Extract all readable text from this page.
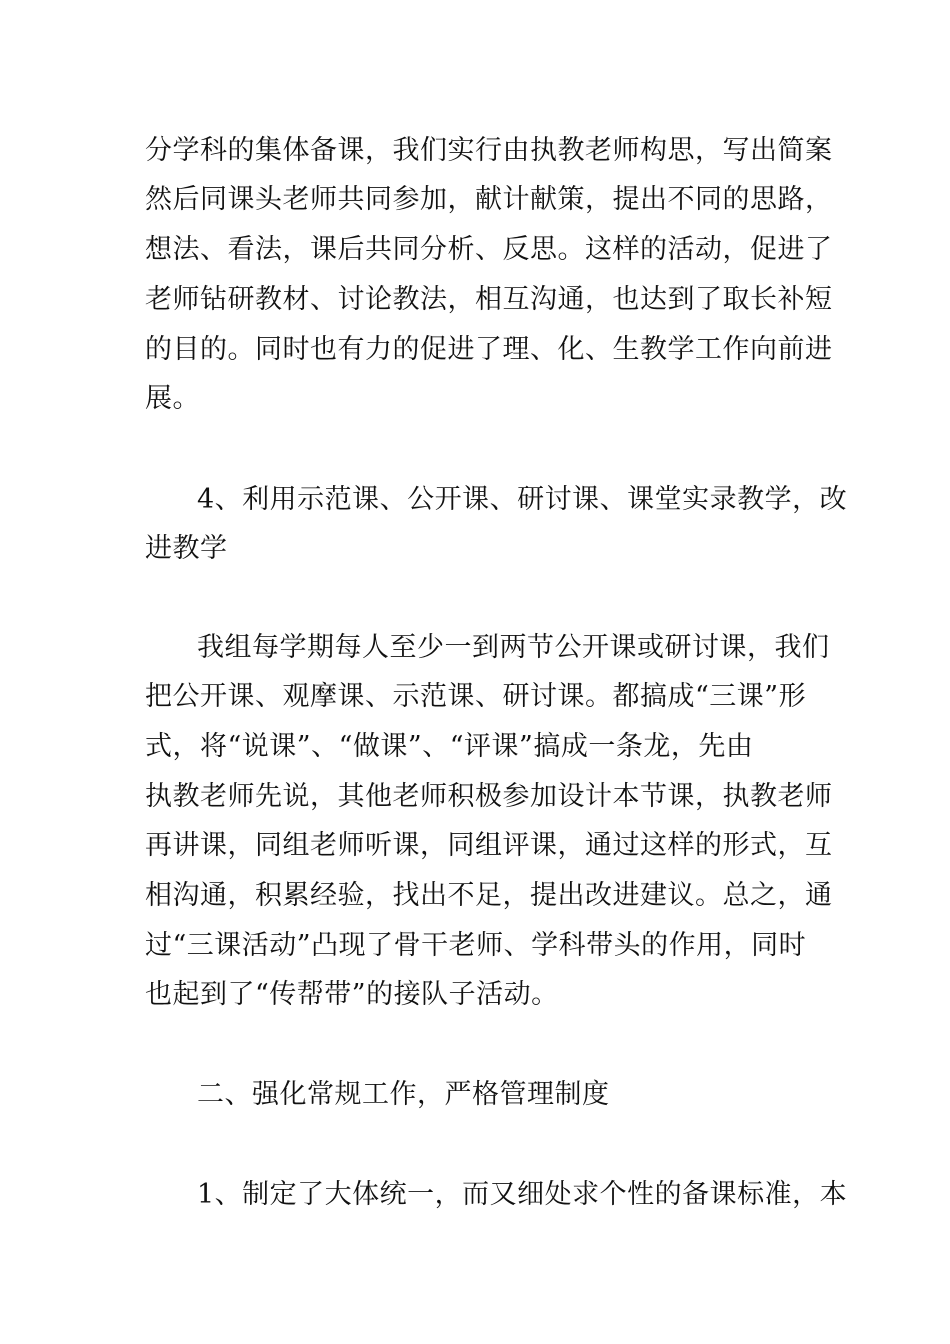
分学科的集体备课，我们实行由执教老师构思，写出简案
然后同课头老师共同参加，献计献策，提出不同的思路，
想法、看法，课后共同分析、反思。这样的活动，促进了
老师钻研教材、讨论教法，相互沟通，也达到了取长补短
的目的。同时也有力的促进了理、化、生教学工作向前进
展。
4、利用示范课、公开课、研讨课、课堂实录教学，改
进教学
我组每学期每人至少一到两节公开课或研讨课，我们
把公开课、观摩课、示范课、研讨课。都搞成“三课”形
式，将“说课”、“做课”、“评课”搞成一条龙，先由
执教老师先说，其他老师积极参加设计本节课，执教老师
再讲课，同组老师听课，同组评课，通过这样的形式，互
相沟通，积累经验，找出不足，提出改进建议。总之，通
过“三课活动”凸现了骨干老师、学科带头的作用，同时
也起到了“传帮带”的接队子活动。
二、强化常规工作，严格管理制度
1、制定了大体统一，而又细处求个性的备课标准，本
